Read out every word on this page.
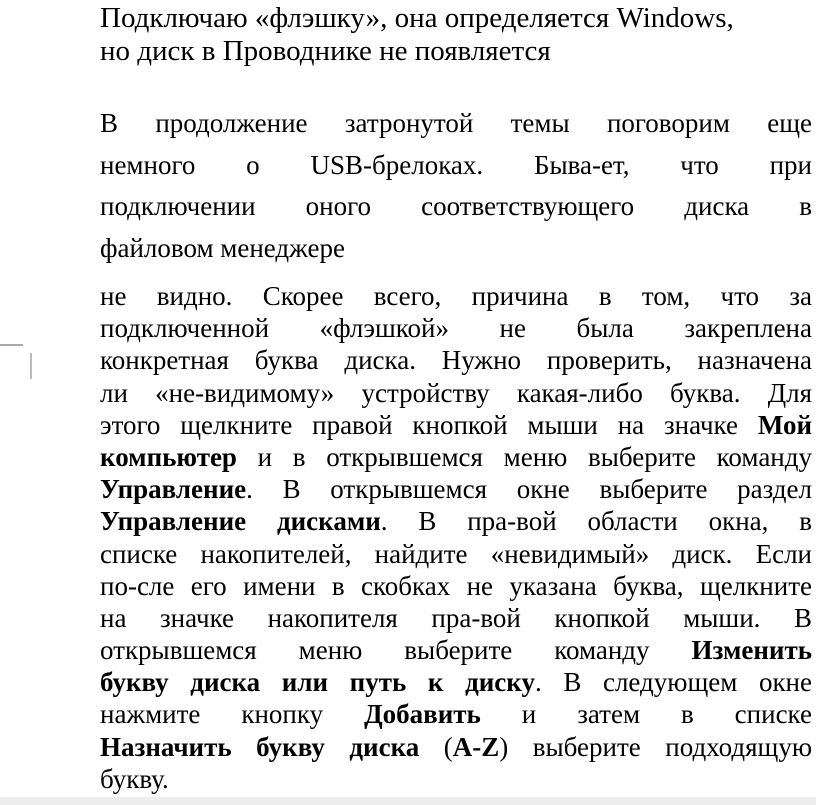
Подключаю «флэшку», она определяется Windows,
но диск в Проводнике не появляется
В продолжение затронутой темы поговорим еще
немного о USB-брелоках. Быва-ет, что при
подключении оного соответствующего диска в
файловом менеджере
не видно. Скорее всего, причина в том, что за
подключенной «флэшкой» не была закреплена
конкретная буква диска. Нужно проверить, назначена
ли «не-видимому» устройству какая-либо буква. Для
этого щелкните правой кнопкой мыши на значке Мой
компьютер и в открывшемся меню выберите команду
Управление. В открывшемся окне выберите раздел
Управление дисками. В пра-вой области окна, в
списке накопителей, найдите «невидимый» диск. Если
по-сле его имени в скобках не указана буква, щелкните
на значке накопителя пра-вой кнопкой мыши. В
открывшемся меню выберите команду Изменить
букву диска или путь к диску. В следующем окне
нажмите кнопку Добавить и затем в списке
Назначить букву диска (A-Z) выберите подходящую
букву.
